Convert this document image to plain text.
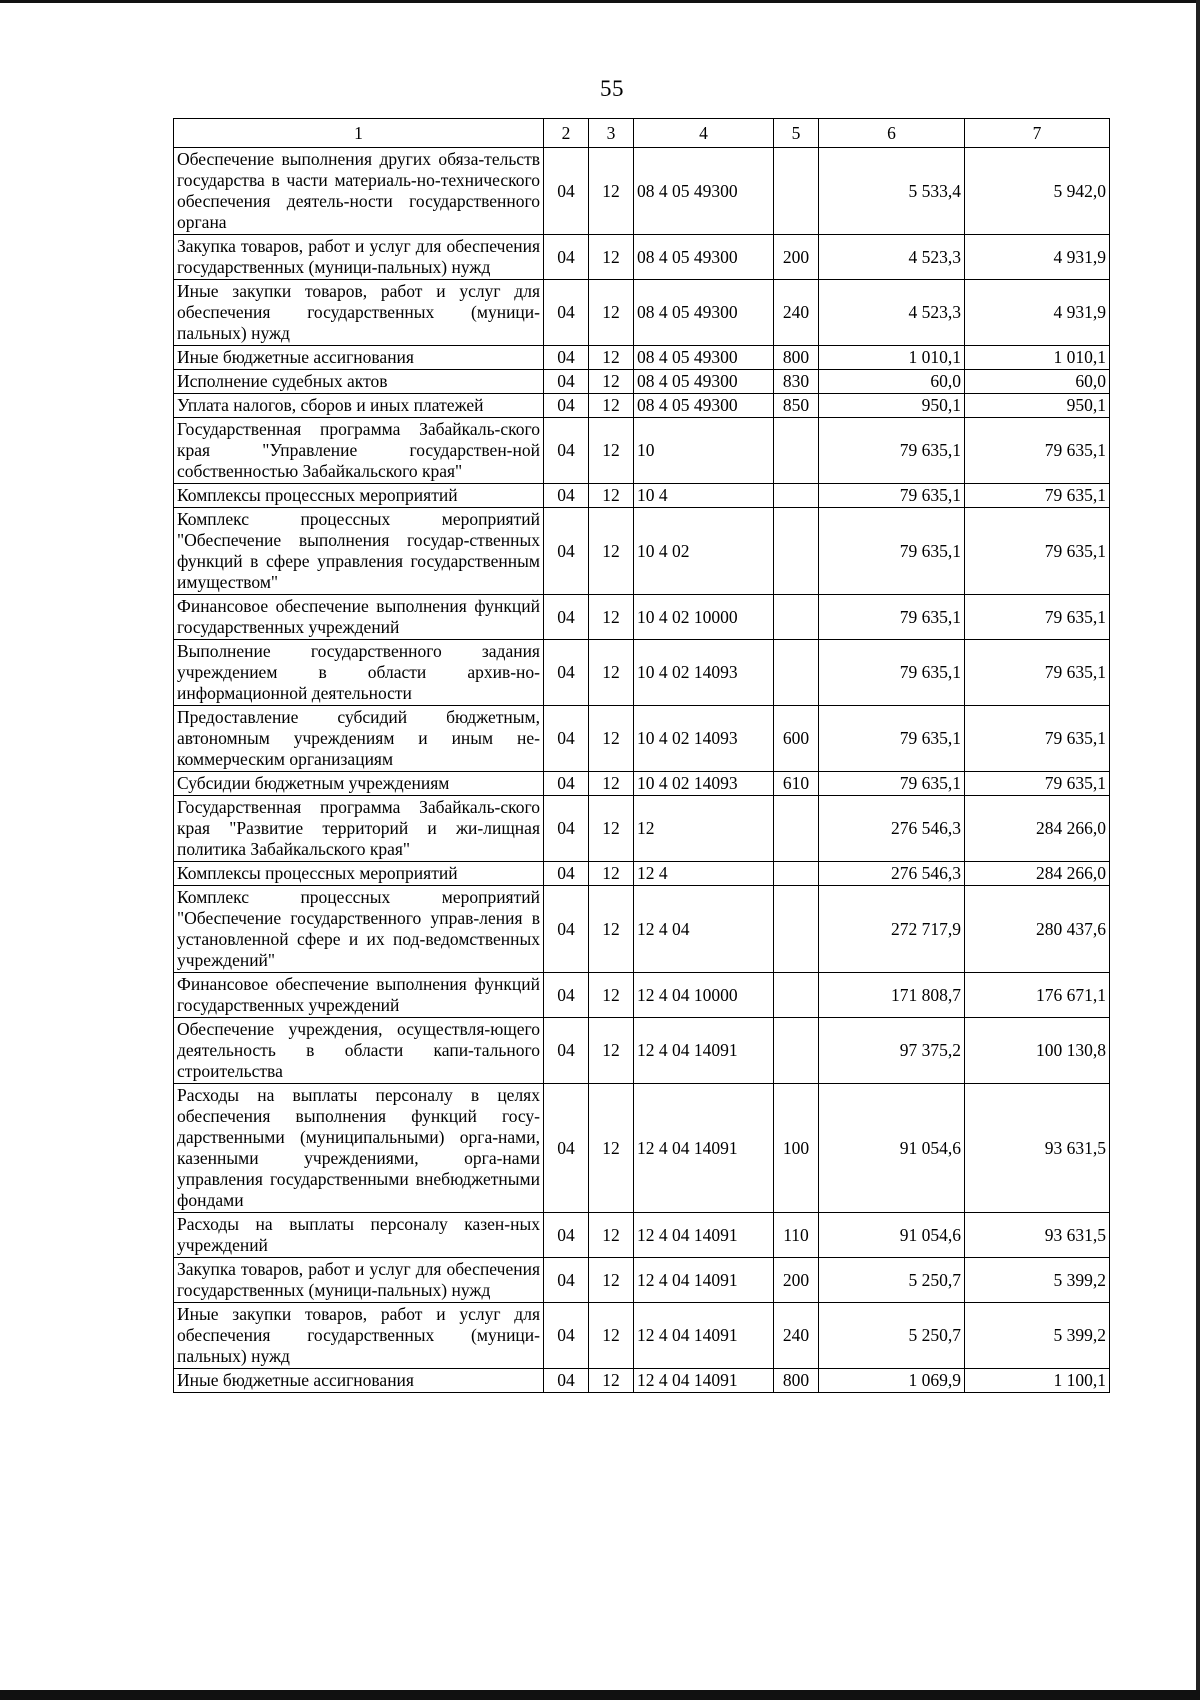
55
1	2	3	4	5	6	7
Обеспечение выполнения других обяза-тельств государства в части материаль-но-технического обеспечения деятель-ности государственного органа	04	12	08 4 05 49300		5 533,4	5 942,0
Закупка товаров, работ и услуг для обеспечения государственных (муници-пальных) нужд	04	12	08 4 05 49300	200	4 523,3	4 931,9
Иные закупки товаров, работ и услуг для обеспечения государственных (муници-пальных) нужд	04	12	08 4 05 49300	240	4 523,3	4 931,9
Иные бюджетные ассигнования	04	12	08 4 05 49300	800	1 010,1	1 010,1
Исполнение судебных актов	04	12	08 4 05 49300	830	60,0	60,0
Уплата налогов, сборов и иных платежей	04	12	08 4 05 49300	850	950,1	950,1
Государственная программа Забайкаль-ского края "Управление государствен-ной собственностью Забайкальского края"	04	12	10		79 635,1	79 635,1
Комплексы процессных мероприятий	04	12	10 4		79 635,1	79 635,1
Комплекс процессных мероприятий "Обеспечение выполнения государ-ственных функций в сфере управления государственным имуществом"	04	12	10 4 02		79 635,1	79 635,1
Финансовое обеспечение выполнения функций государственных учреждений	04	12	10 4 02 10000		79 635,1	79 635,1
Выполнение государственного задания учреждением в области архив-но-информационной деятельности	04	12	10 4 02 14093		79 635,1	79 635,1
Предоставление субсидий бюджетным, автономным учреждениям и иным не-коммерческим организациям	04	12	10 4 02 14093	600	79 635,1	79 635,1
Субсидии бюджетным учреждениям	04	12	10 4 02 14093	610	79 635,1	79 635,1
Государственная программа Забайкаль-ского края "Развитие территорий и жи-лищная политика Забайкальского края"	04	12	12		276 546,3	284 266,0
Комплексы процессных мероприятий	04	12	12 4		276 546,3	284 266,0
Комплекс процессных мероприятий "Обеспечение государственного управ-ления в установленной сфере и их под-ведомственных учреждений"	04	12	12 4 04		272 717,9	280 437,6
Финансовое обеспечение выполнения функций государственных учреждений	04	12	12 4 04 10000		171 808,7	176 671,1
Обеспечение учреждения, осуществля-ющего деятельность в области капи-тального строительства	04	12	12 4 04 14091		97 375,2	100 130,8
Расходы на выплаты персоналу в целях обеспечения выполнения функций госу-дарственными (муниципальными) орга-нами, казенными учреждениями, орга-нами управления государственными внебюджетными фондами	04	12	12 4 04 14091	100	91 054,6	93 631,5
Расходы на выплаты персоналу казен-ных учреждений	04	12	12 4 04 14091	110	91 054,6	93 631,5
Закупка товаров, работ и услуг для обеспечения государственных (муници-пальных) нужд	04	12	12 4 04 14091	200	5 250,7	5 399,2
Иные закупки товаров, работ и услуг для обеспечения государственных (муници-пальных) нужд	04	12	12 4 04 14091	240	5 250,7	5 399,2
Иные бюджетные ассигнования	04	12	12 4 04 14091	800	1 069,9	1 100,1
